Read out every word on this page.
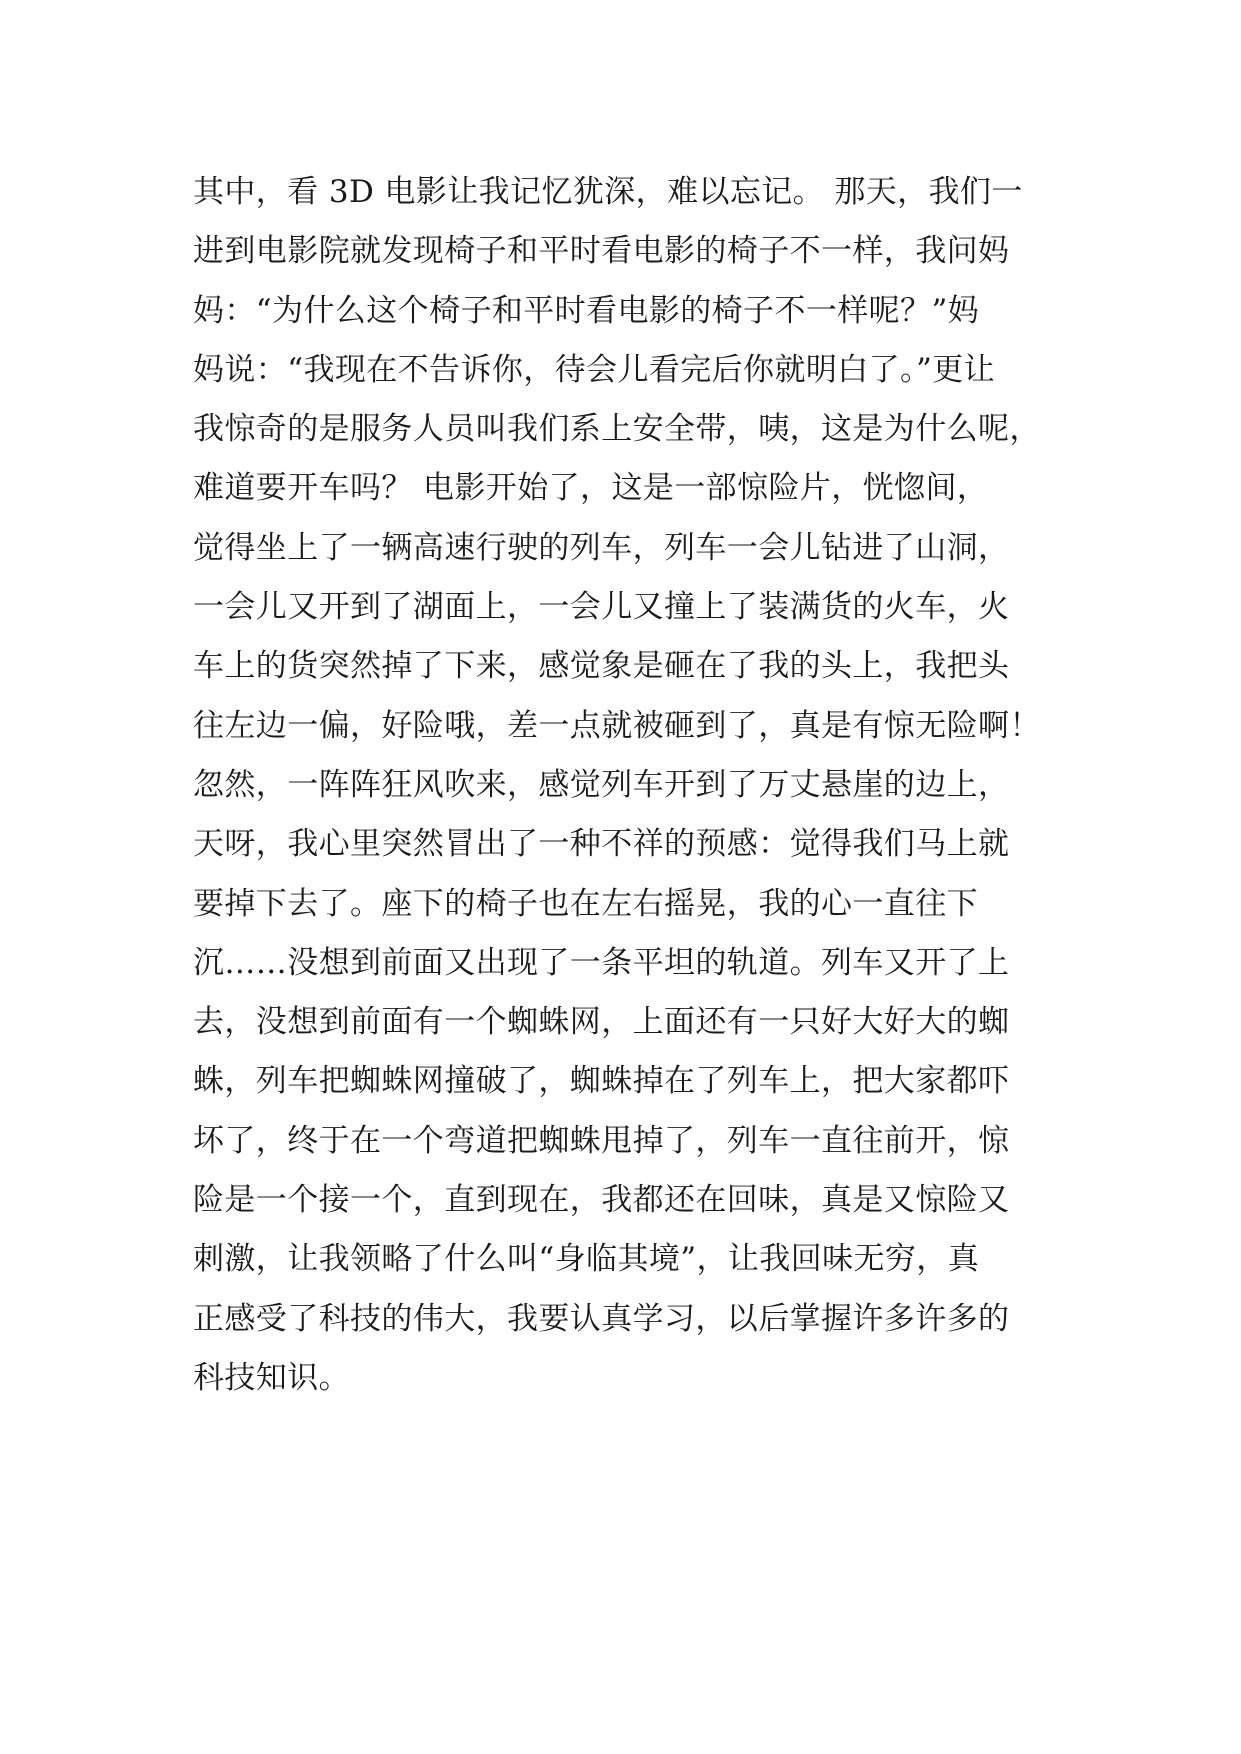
其中，看 3D 电影让我记忆犹深，难以忘记。 那天，我们一
进到电影院就发现椅子和平时看电影的椅子不一样，我问妈
妈：“为什么这个椅子和平时看电影的椅子不一样呢？”妈
妈说：“我现在不告诉你，待会儿看完后你就明白了。”更让
我惊奇的是服务人员叫我们系上安全带，咦，这是为什么呢，
难道要开车吗？ 电影开始了，这是一部惊险片，恍惚间，
觉得坐上了一辆高速行驶的列车，列车一会儿钻进了山洞，
一会儿又开到了湖面上，一会儿又撞上了装满货的火车，火
车上的货突然掉了下来，感觉象是砸在了我的头上，我把头
往左边一偏，好险哦，差一点就被砸到了，真是有惊无险啊！
忽然，一阵阵狂风吹来，感觉列车开到了万丈悬崖的边上，
天呀，我心里突然冒出了一种不祥的预感：觉得我们马上就
要掉下去了。座下的椅子也在左右摇晃，我的心一直往下
沉……没想到前面又出现了一条平坦的轨道。列车又开了上
去，没想到前面有一个蜘蛛网，上面还有一只好大好大的蜘
蛛，列车把蜘蛛网撞破了，蜘蛛掉在了列车上，把大家都吓
坏了，终于在一个弯道把蜘蛛甩掉了，列车一直往前开，惊
险是一个接一个，直到现在，我都还在回味，真是又惊险又
刺激，让我领略了什么叫“身临其境”，让我回味无穷，真
正感受了科技的伟大，我要认真学习，以后掌握许多许多的
科技知识。
